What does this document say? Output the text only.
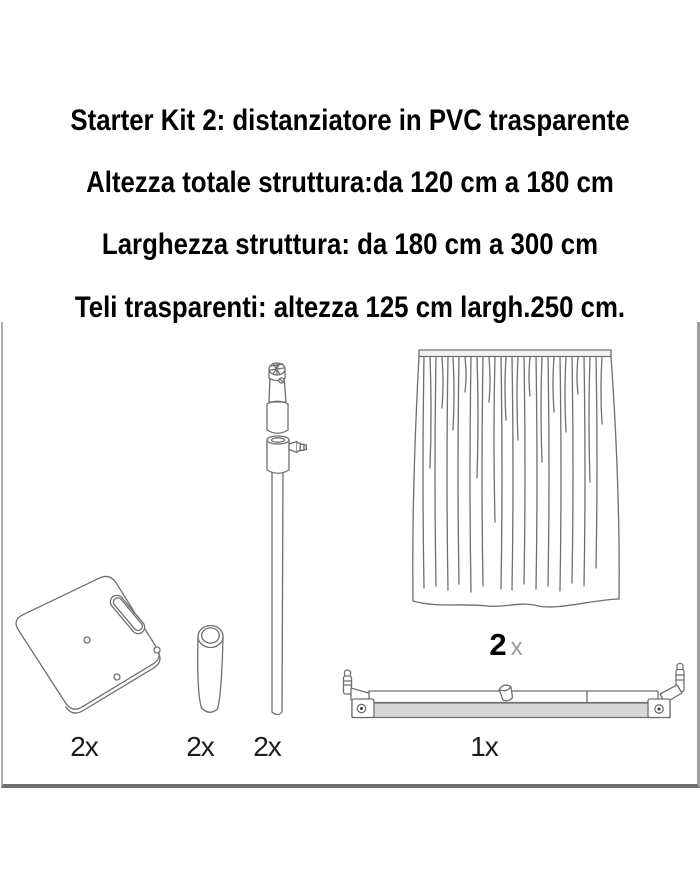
Starter Kit 2: distanziatore in PVC trasparente
Altezza totale struttura:da 120 cm a 180 cm
Larghezza struttura: da 180 cm a 300 cm
Teli trasparenti: altezza 125 cm largh.250 cm.
2x	2x 2x	1x
2 x
